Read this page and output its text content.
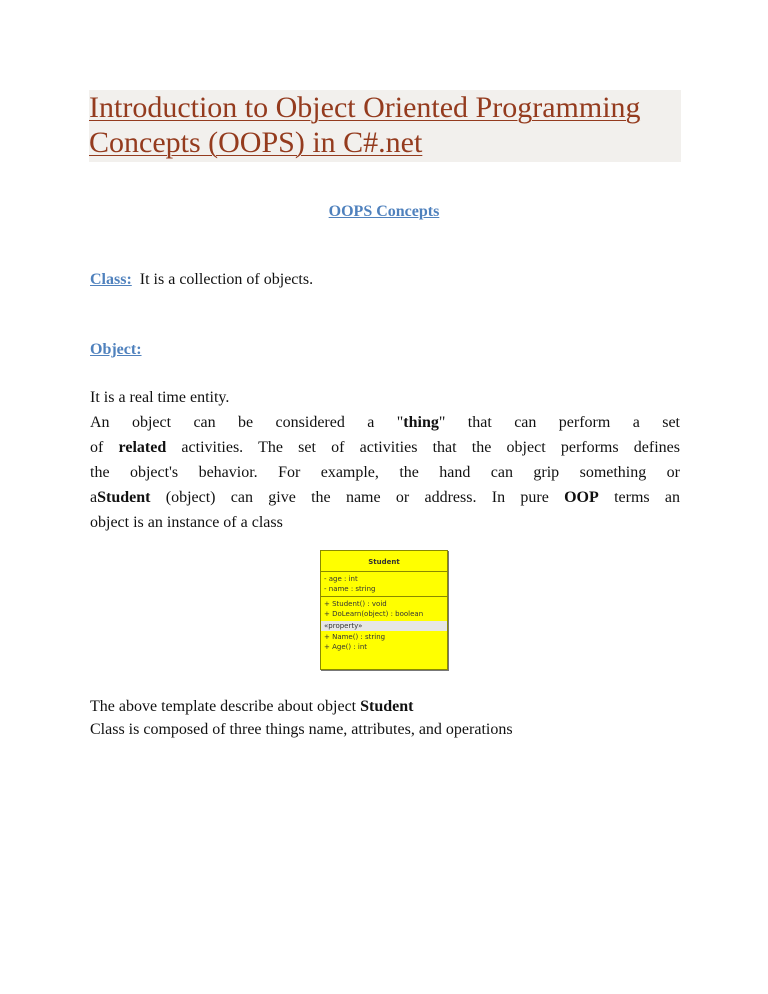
Introduction to Object Oriented Programming
Concepts (OOPS) in C#.net
OOPS Concepts
Class: It is a collection of objects.
Object:
It is a real time entity.
An object can be considered a "thing" that can perform a set
of related activities. The set of activities that the object performs defines
the object's behavior. For example, the hand can grip something or
aStudent (object) can give the name or address. In pure OOP terms an
object is an instance of a class
Student
- age : int
- name : string
+ Student() : void
+ DoLearn(object) : boolean
«property»
+ Name() : string
+ Age() : int
The above template describe about object Student
Class is composed of three things name, attributes, and operations
